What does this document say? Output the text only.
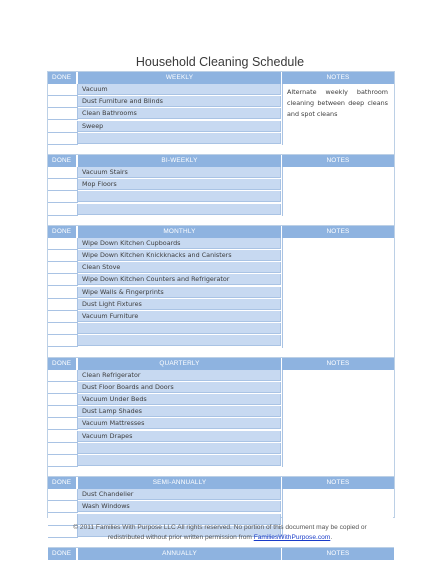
Household Cleaning Schedule
DONE	WEEKLY	NOTES
Vacuum
Dust Furniture and Blinds
Clean Bathrooms
Sweep
Alternate weekly bathroom cleaning between deep cleans and spot cleans
DONE	BI-WEEKLY	NOTES
Vacuum Stairs
Mop Floors
DONE	MONTHLY	NOTES
Wipe Down Kitchen Cupboards
Wipe Down Kitchen Knickknacks and Canisters
Clean Stove
Wipe Down Kitchen Counters and Refrigerator
Wipe Walls & Fingerprints
Dust Light Fixtures
Vacuum Furniture
DONE	QUARTERLY	NOTES
Clean Refrigerator
Dust Floor Boards and Doors
Vacuum Under Beds
Dust Lamp Shades
Vacuum Mattresses
Vacuum Drapes
DONE	SEMI-ANNUALLY	NOTES
Dust Chandelier
Wash Windows
DONE	ANNUALLY	NOTES
© 2011 Families With Purpose LLC All rights reserved. No portion of this document may be copied or
redistributed without prior written permission from FamiliesWithPurpose.com.
